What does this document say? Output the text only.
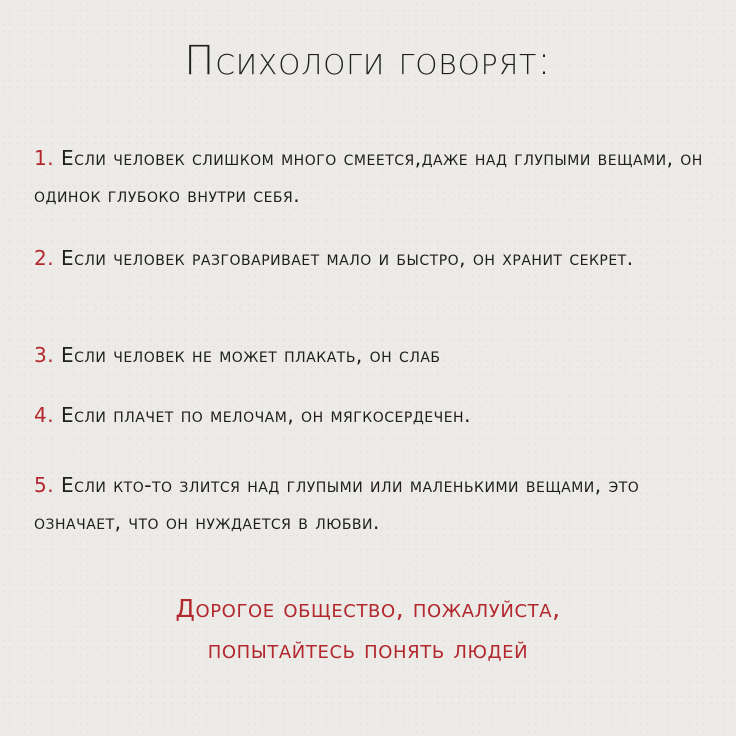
Психологи говорят:
1. Если человек слишком много смеется,даже над глупыми вещами, он одинок глубоко внутри себя.
2. Если человек разговаривает мало и быстро, он хранит секрет.
3. Если человек не может плакать, он слаб
4. Если плачет по мелочам, он мягкосердечен.
5. Если кто-то злится над глупыми или маленькими вещами, это означает, что он нуждается в любви.
Дорогое общество, пожалуйста,
попытайтесь понять людей
